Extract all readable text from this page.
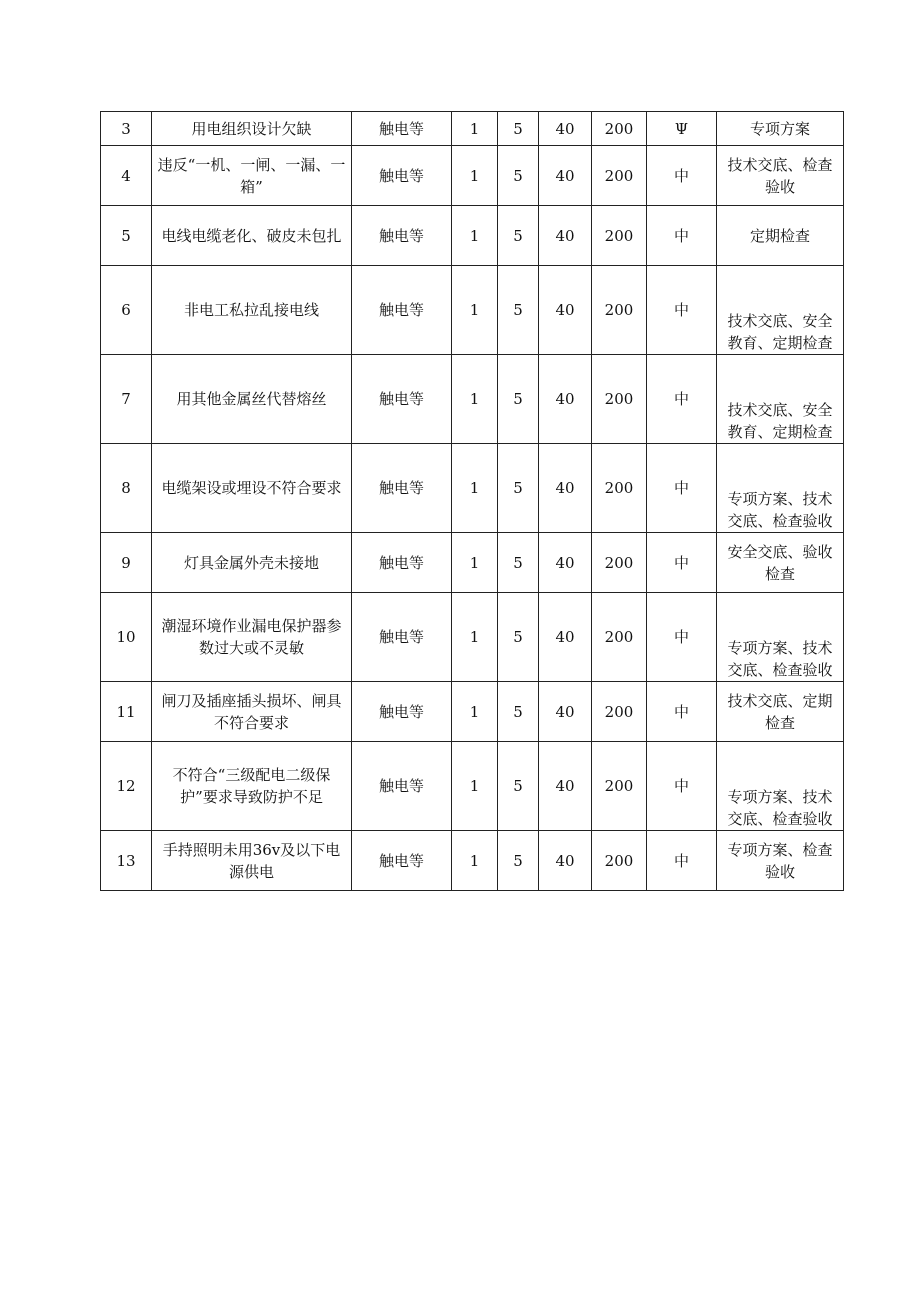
3	用电组织设计欠缺	触电等	1	5	40	200	Ψ	专项方案
4	违反“一机、一闸、一漏、一箱”	触电等	1	5	40	200	中	技术交底、检查验收
5	电线电缆老化、破皮未包扎	触电等	1	5	40	200	中	定期检查
6	非电工私拉乱接电线	触电等	1	5	40	200	中	技术交底、安全教育、定期检查
7	用其他金属丝代替熔丝	触电等	1	5	40	200	中	技术交底、安全教育、定期检查
8	电缆架设或埋设不符合要求	触电等	1	5	40	200	中	专项方案、技术交底、检查验收
9	灯具金属外壳未接地	触电等	1	5	40	200	中	安全交底、验收检查
10	潮湿环境作业漏电保护器参数过大或不灵敏	触电等	1	5	40	200	中	专项方案、技术交底、检查验收
11	闸刀及插座插头损坏、闸具不符合要求	触电等	1	5	40	200	中	技术交底、定期检查
12	不符合“三级配电二级保护”要求导致防护不足	触电等	1	5	40	200	中	专项方案、技术交底、检查验收
13	手持照明未用36v及以下电源供电	触电等	1	5	40	200	中	专项方案、检查验收
